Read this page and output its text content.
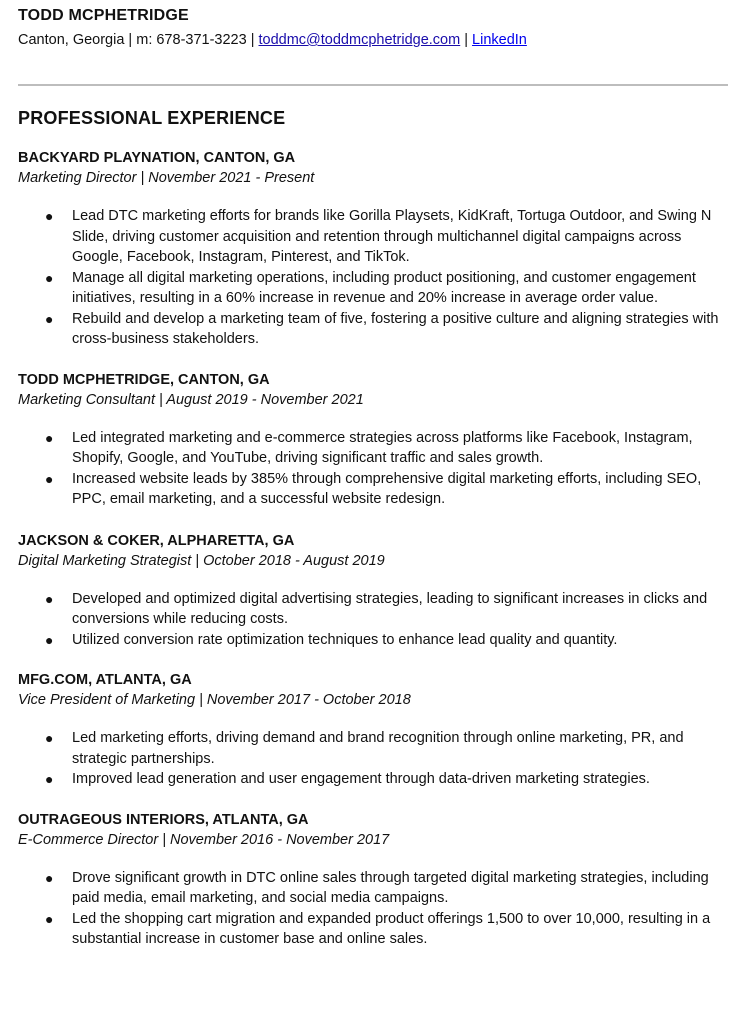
TODD MCPHETRIDGE
Canton, Georgia | m: 678-371-3223 | toddmc@toddmcphetridge.com | LinkedIn
PROFESSIONAL EXPERIENCE
BACKYARD PLAYNATION, CANTON, GA
Marketing Director | November 2021 - Present
● Lead DTC marketing efforts for brands like Gorilla Playsets, KidKraft, Tortuga Outdoor, and Swing N Slide, driving customer acquisition and retention through multichannel digital campaigns across Google, Facebook, Instagram, Pinterest, and TikTok.
● Manage all digital marketing operations, including product positioning, and customer engagement initiatives, resulting in a 60% increase in revenue and 20% increase in average order value.
● Rebuild and develop a marketing team of five, fostering a positive culture and aligning strategies with cross-business stakeholders.
TODD MCPHETRIDGE, CANTON, GA
Marketing Consultant | August 2019 - November 2021
● Led integrated marketing and e-commerce strategies across platforms like Facebook, Instagram, Shopify, Google, and YouTube, driving significant traffic and sales growth.
● Increased website leads by 385% through comprehensive digital marketing efforts, including SEO, PPC, email marketing, and a successful website redesign.
JACKSON & COKER, ALPHARETTA, GA
Digital Marketing Strategist | October 2018 - August 2019
● Developed and optimized digital advertising strategies, leading to significant increases in clicks and conversions while reducing costs.
● Utilized conversion rate optimization techniques to enhance lead quality and quantity.
MFG.COM, ATLANTA, GA
Vice President of Marketing | November 2017 - October 2018
● Led marketing efforts, driving demand and brand recognition through online marketing, PR, and strategic partnerships.
● Improved lead generation and user engagement through data-driven marketing strategies.
OUTRAGEOUS INTERIORS, ATLANTA, GA
E-Commerce Director | November 2016 - November 2017
● Drove significant growth in DTC online sales through targeted digital marketing strategies, including paid media, email marketing, and social media campaigns.
● Led the shopping cart migration and expanded product offerings 1,500 to over 10,000, resulting in a substantial increase in customer base and online sales.
